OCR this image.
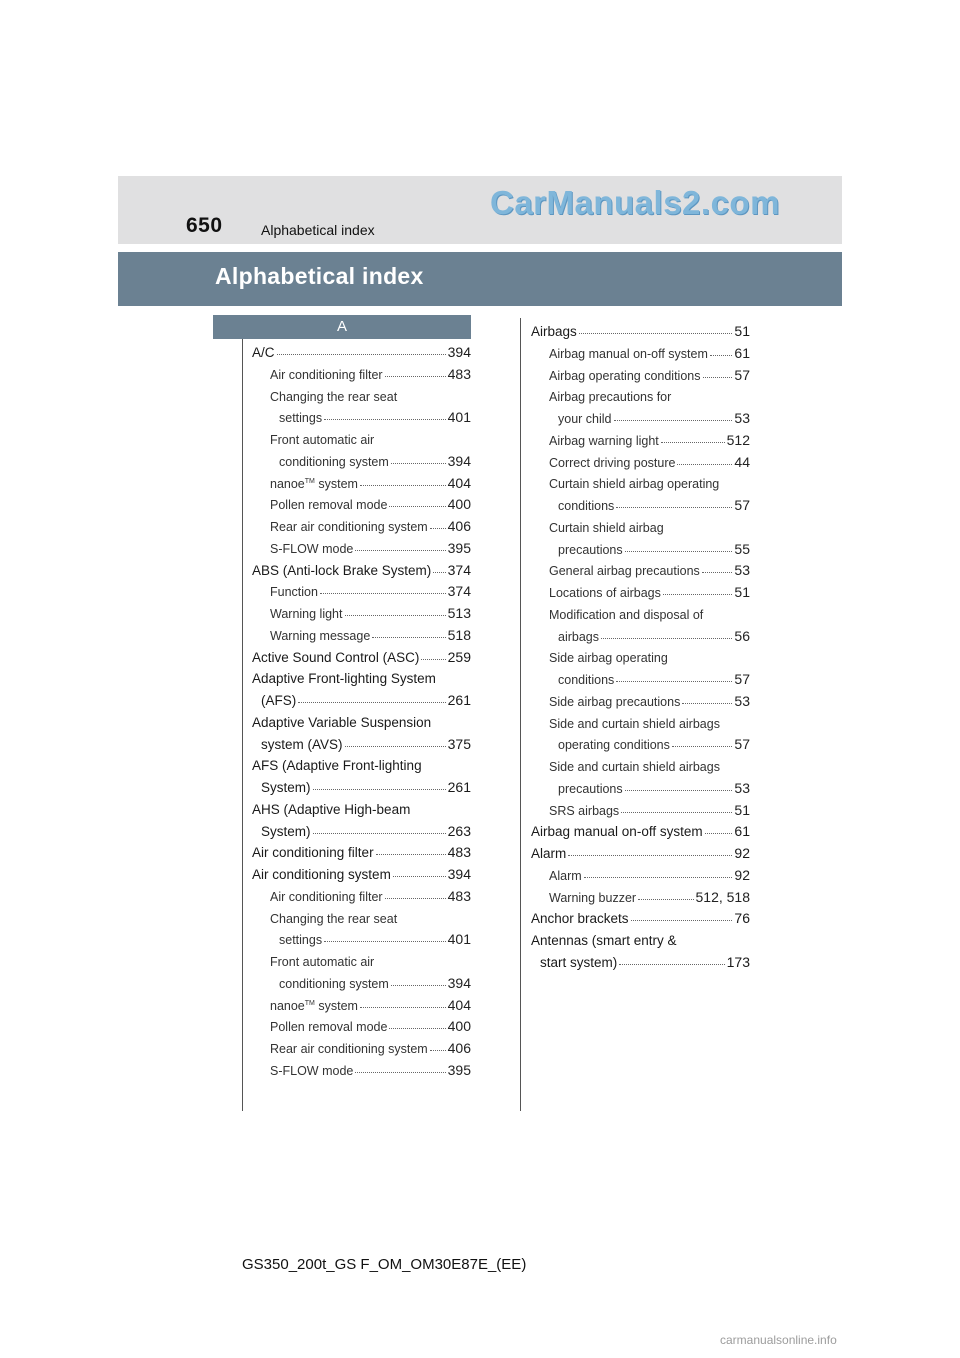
650	Alphabetical index
CarManuals2.com
Alphabetical index
A
A/C	394
Air conditioning filter	483
Changing the rear seat
settings	401
Front automatic air
conditioning system	394
nanoe™ system	404
Pollen removal mode	400
Rear air conditioning system 406
S-FLOW mode	395
ABS (Anti-lock Brake System) 374
Function	374
Warning light	513
Warning message	518
Active Sound Control (ASC) 259
Adaptive Front-lighting System
(AFS)	261
Adaptive Variable Suspension
system (AVS)	375
AFS (Adaptive Front-lighting
System)	261
AHS (Adaptive High-beam
System)	263
Air conditioning filter	483
Air conditioning system	394
Air conditioning filter	483
Changing the rear seat
settings	401
Front automatic air
conditioning system	394
nanoe™ system	404
Pollen removal mode	400
Rear air conditioning system 406
S-FLOW mode	395
Airbags	51
Airbag manual on-off system 61
Airbag operating conditions 57
Airbag precautions for
your child	53
Airbag warning light	512
Correct driving posture	44
Curtain shield airbag operating
conditions	57
Curtain shield airbag
precautions	55
General airbag precautions 53
Locations of airbags	51
Modification and disposal of
airbags	56
Side airbag operating
conditions	57
Side airbag precautions	53
Side and curtain shield airbags
operating conditions	57
Side and curtain shield airbags
precautions	53
SRS airbags	51
Airbag manual on-off system 61
Alarm	92
Alarm	92
Warning buzzer	512, 518
Anchor brackets	76
Antennas (smart entry &
start system)	173
GS350_200t_GS F_OM_OM30E87E_(EE)
carmanualsonline.info
